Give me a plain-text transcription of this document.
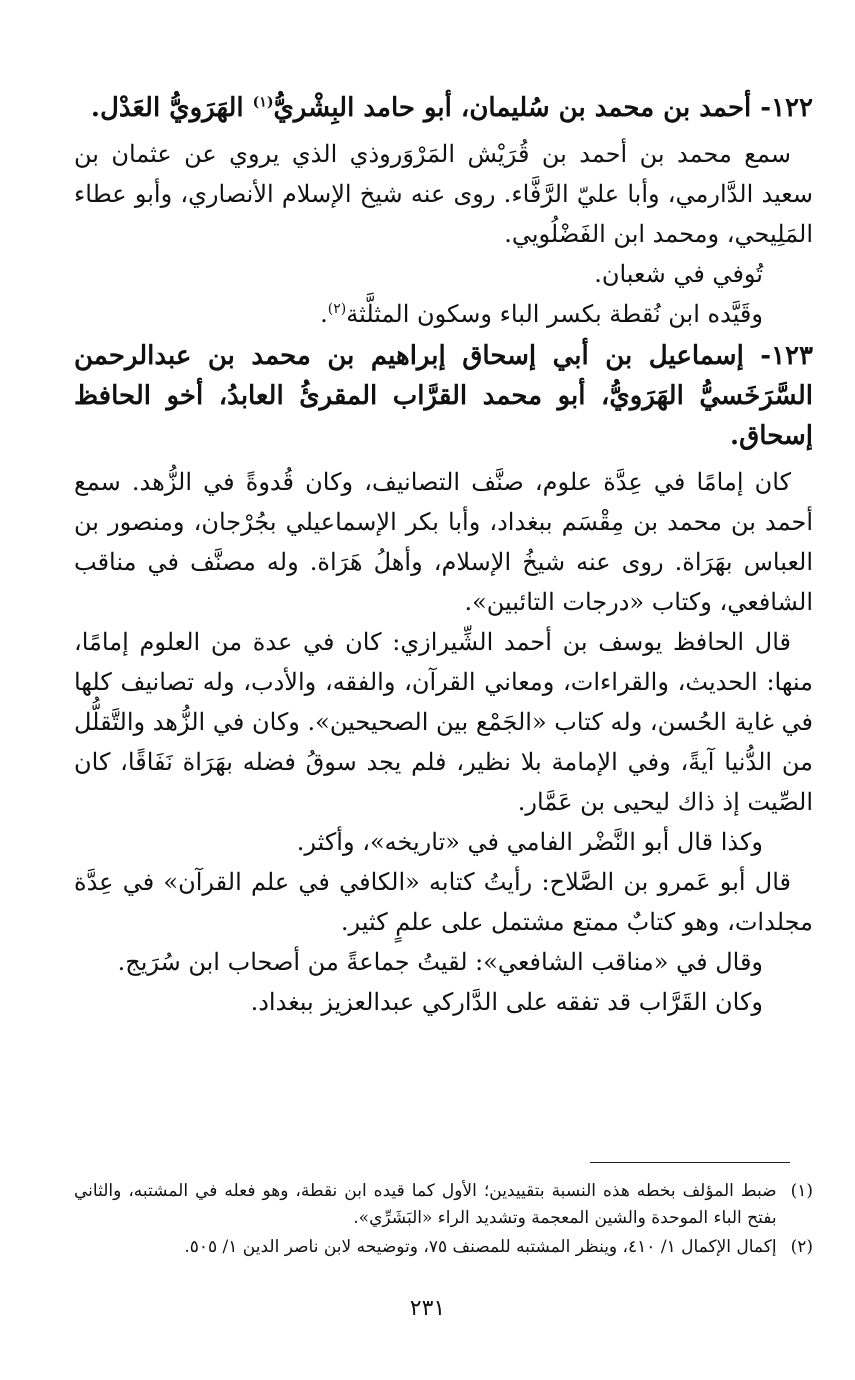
١٢٢- أحمد بن محمد بن سُليمان، أبو حامد البِشْريُّ$^{(١)}$ الهَرَويُّ العَدْل.

سمع محمد بن أحمد بن قُرَيْش المَرْوَروذي الذي يروي عن عثمان بن سعيد الدَّارمي، وأبا عليّ الرَّفَّاء. روى عنه شيخ الإسلام الأنصاري، وأبو عطاء المَلِيحي، ومحمد ابن الفَضْلُويي.

تُوفي في شعبان.

وقَيَّده ابن نُقطة بكسر الباء وسكون المثلَّثة$^{(٢)}$.

١٢٣- إسماعيل بن أبي إسحاق إبراهيم بن محمد بن عبدالرحمن السَّرَخَسيُّ الهَرَويُّ، أبو محمد القرَّاب المقرئُ العابدُ، أخو الحافظ إسحاق.

كان إمامًا في عِدَّة علوم، صنَّف التصانيف، وكان قُدوةً في الزُّهد. سمع أحمد بن محمد بن مِقْسَم ببغداد، وأبا بكر الإسماعيلي بجُرْجان، ومنصور بن العباس بهَرَاة. روى عنه شيخُ الإسلام، وأهلُ هَرَاة. وله مصنَّف في مناقب الشافعي، وكتاب «درجات التائبين».

قال الحافظ يوسف بن أحمد الشِّيرازي: كان في عدة من العلوم إمامًا، منها: الحديث، والقراءات، ومعاني القرآن، والفقه، والأدب، وله تصانيف كلها في غاية الحُسن، وله كتاب «الجَمْع بين الصحيحين». وكان في الزُّهد والتَّقلُّل من الدُّنيا آيةً، وفي الإمامة بلا نظير، فلم يجد سوقُ فضله بهَرَاة نَفَاقًا، كان الصِّيت إذ ذاك ليحيى بن عَمَّار.

وكذا قال أبو النَّضْر الفامي في «تاريخه»، وأكثر.

قال أبو عَمرو بن الصَّلاح: رأيتُ كتابه «الكافي في علم القرآن» في عِدَّة مجلدات، وهو كتابٌ ممتع مشتمل على علمٍ كثير.

وقال في «مناقب الشافعي»: لقيتُ جماعةً من أصحاب ابن سُرَيج.

وكان القَرَّاب قد تفقه على الدَّاركي عبدالعزيز ببغداد.

(١)
ضبط المؤلف بخطه هذه النسبة بتقييدين؛ الأول كما قيده ابن نقطة، وهو فعله في المشتبه، والثاني بفتح الباء الموحدة والشين المعجمة وتشديد الراء «البَشَرِّي».
(٢)
إكمال الإكمال ١/ ٤١٠، وينظر المشتبه للمصنف ٧٥، وتوضيحه لابن ناصر الدين ١/ ٥٠٥.
٢٣١
